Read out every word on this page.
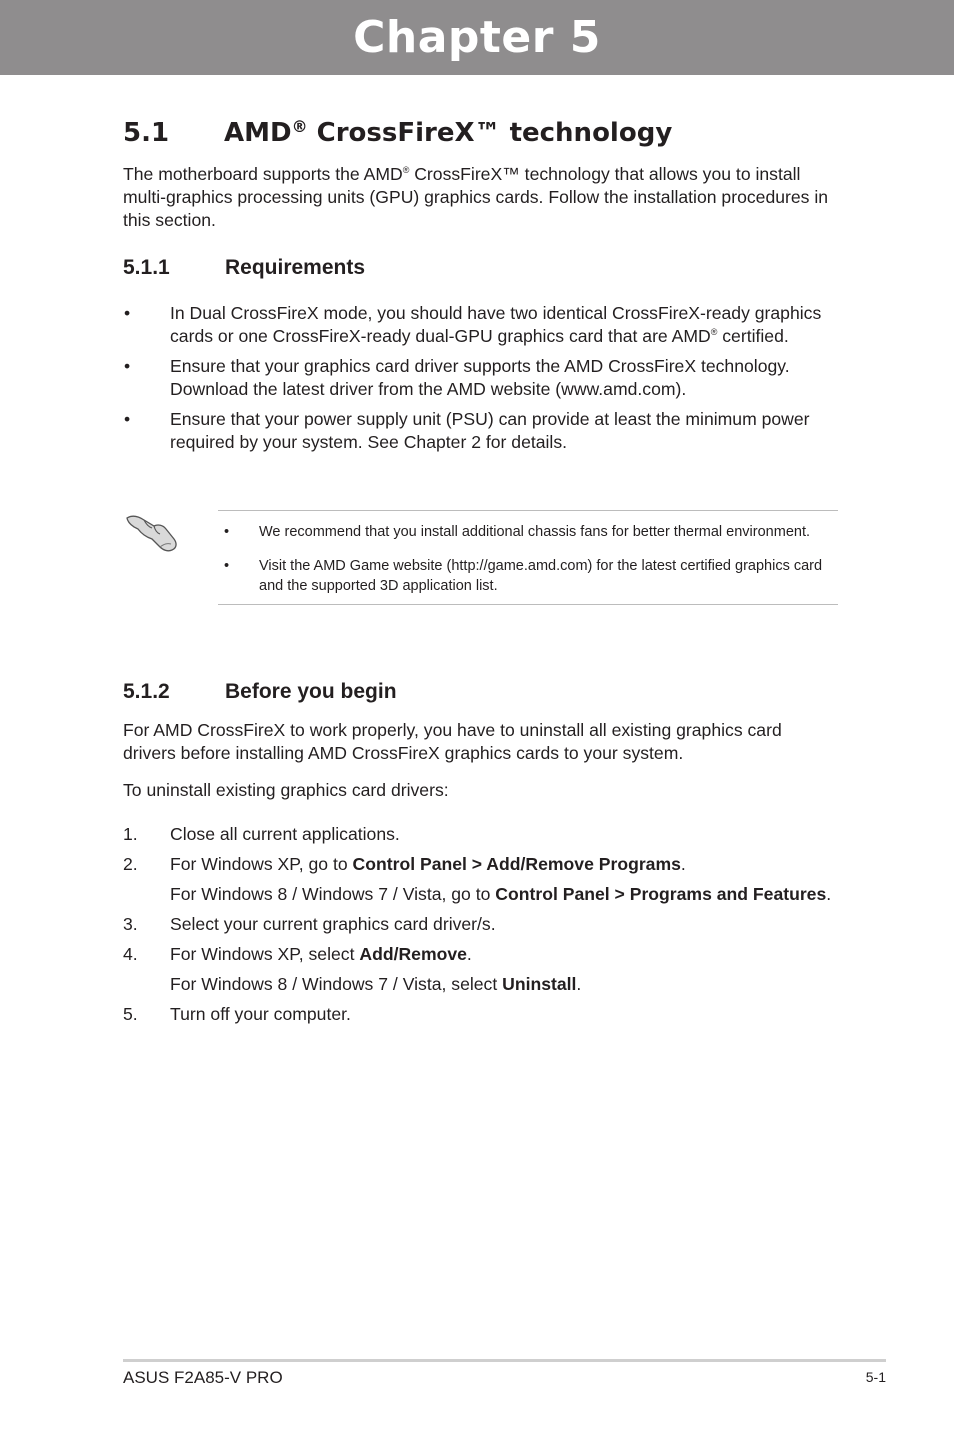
Chapter 5
5.1 AMD® CrossFireX™ technology

The motherboard supports the AMD® CrossFireX™ technology that allows you to install multi-graphics processing units (GPU) graphics cards. Follow the installation procedures in this section.

5.1.1	Requirements
• In Dual CrossFireX mode, you should have two identical CrossFireX-ready graphics cards or one CrossFireX-ready dual-GPU graphics card that are AMD® certified.
• Ensure that your graphics card driver supports the AMD CrossFireX technology. Download the latest driver from the AMD website (www.amd.com).
• Ensure that your power supply unit (PSU) can provide at least the minimum power required by your system. See Chapter 2 for details.
• We recommend that you install additional chassis fans for better thermal environment.
• Visit the AMD Game website (http://game.amd.com) for the latest certified graphics card and the supported 3D application list.
5.1.2	Before you begin

For AMD CrossFireX to work properly, you have to uninstall all existing graphics card drivers before installing AMD CrossFireX graphics cards to your system.

To uninstall existing graphics card drivers:

1. Close all current applications.
2. For Windows XP, go to Control Panel > Add/Remove Programs.
For Windows 8 / Windows 7 / Vista, go to Control Panel > Programs and Features.
3. Select your current graphics card driver/s.
4. For Windows XP, select Add/Remove.
For Windows 8 / Windows 7 / Vista, select Uninstall.
5. Turn off your computer.
ASUS F2A85-V PRO	5-1
